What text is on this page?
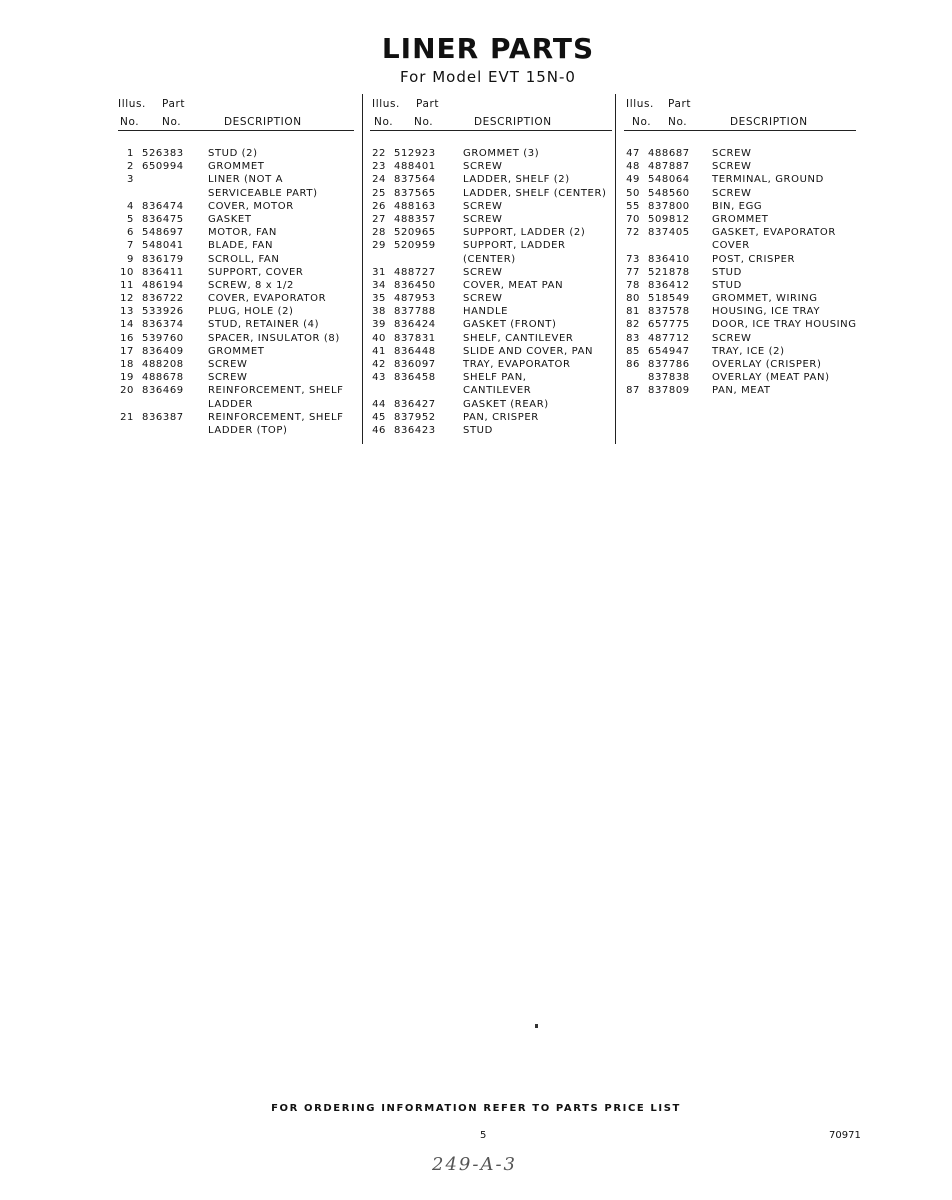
LINER PARTS
For Model EVT 15N-0
Illus. Part
No. No.	DESCRIPTION
1 526383 STUD (2)
2 650994 GROMMET
3	LINER (NOT A
SERVICEABLE PART)
4 836474 COVER, MOTOR
5 836475 GASKET
6 548697 MOTOR, FAN
7 548041 BLADE, FAN
9 836179 SCROLL, FAN
10 836411 SUPPORT, COVER
11 486194 SCREW, 8 x 1/2
12 836722 COVER, EVAPORATOR
13 533926 PLUG, HOLE (2)
14 836374 STUD, RETAINER (4)
16 539760 SPACER, INSULATOR (8)
17 836409 GROMMET
18 488208 SCREW
19 488678 SCREW
20 836469 REINFORCEMENT, SHELF
LADDER
21 836387 REINFORCEMENT, SHELF
LADDER (TOP)
Illus. Part
No. No.	DESCRIPTION
22 512923	GROMMET (3)
23 488401	SCREW
24 837564	LADDER, SHELF (2)
25 837565	LADDER, SHELF (CENTER)
26 488163	SCREW
27 488357	SCREW
28 520965	SUPPORT, LADDER (2)
29 520959	SUPPORT, LADDER
(CENTER)
31 488727	SCREW
34 836450	COVER, MEAT PAN
35 487953	SCREW
38 837788	HANDLE
39 836424	GASKET (FRONT)
40 837831	SHELF, CANTILEVER
41 836448	SLIDE AND COVER, PAN
42 836097	TRAY, EVAPORATOR
43 836458	SHELF PAN,
CANTILEVER
44 836427	GASKET (REAR)
45 837952	PAN, CRISPER
46 836423	STUD
Illus. Part
No. No.	DESCRIPTION
47 488687 SCREW
48 487887 SCREW
49 548064 TERMINAL, GROUND
50 548560 SCREW
55 837800 BIN, EGG
70 509812 GROMMET
72 837405 GASKET, EVAPORATOR
COVER
73 836410 POST, CRISPER
77 521878 STUD
78 836412 STUD
80 518549 GROMMET, WIRING
81 837578 HOUSING, ICE TRAY
82 657775 DOOR, ICE TRAY HOUSING
83 487712 SCREW
85 654947 TRAY, ICE (2)
86 837786 OVERLAY (CRISPER)
837838 OVERLAY (MEAT PAN)
87 837809 PAN, MEAT
FOR ORDERING INFORMATION REFER TO PARTS PRICE LIST
5	70971
249-A-3
